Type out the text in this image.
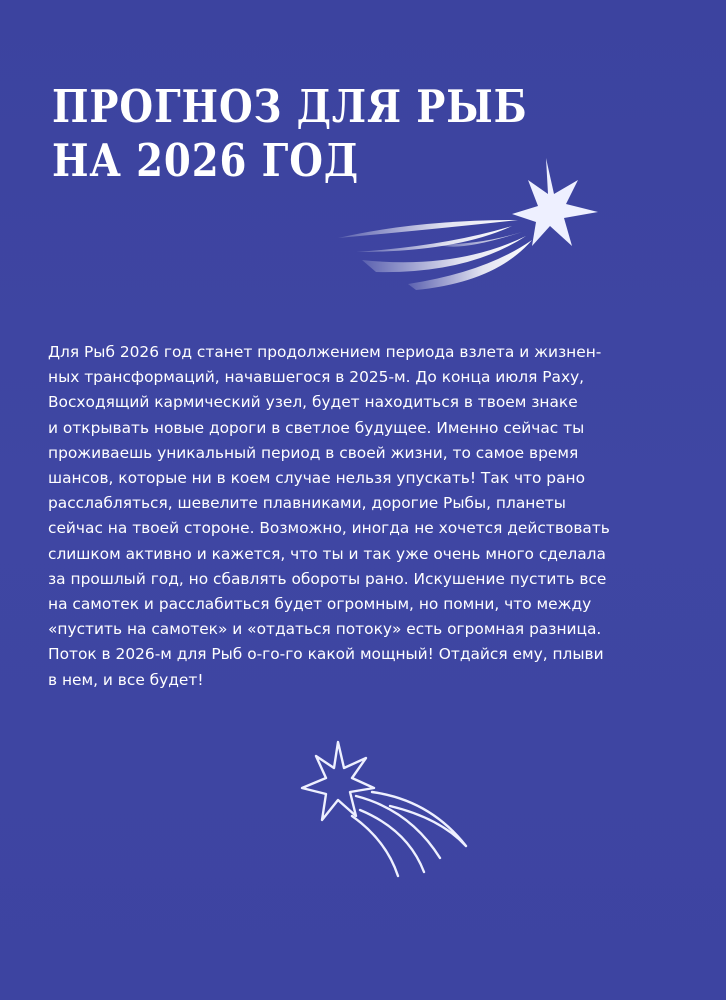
ПРОГНОЗ ДЛЯ РЫБ
НА 2026 ГОД

Для Рыб 2026 год станет продолжением периода взлета и жизнен-
ных трансформаций, начавшегося в 2025-м. До конца июля Раху,
Восходящий кармический узел, будет находиться в твоем знаке
и открывать новые дороги в светлое будущее. Именно сейчас ты
проживаешь уникальный период в своей жизни, то самое время
шансов, которые ни в коем случае нельзя упускать! Так что рано
расслабляться, шевелите плавниками, дорогие Рыбы, планеты
сейчас на твоей стороне. Возможно, иногда не хочется действовать
слишком активно и кажется, что ты и так уже очень много сделала
за прошлый год, но сбавлять обороты рано. Искушение пустить все
на самотек и расслабиться будет огромным, но помни, что между
«пустить на самотек» и «отдаться потоку» есть огромная разница.
Поток в 2026-м для Рыб о-го-го какой мощный! Отдайся ему, плыви
в нем, и все будет!
